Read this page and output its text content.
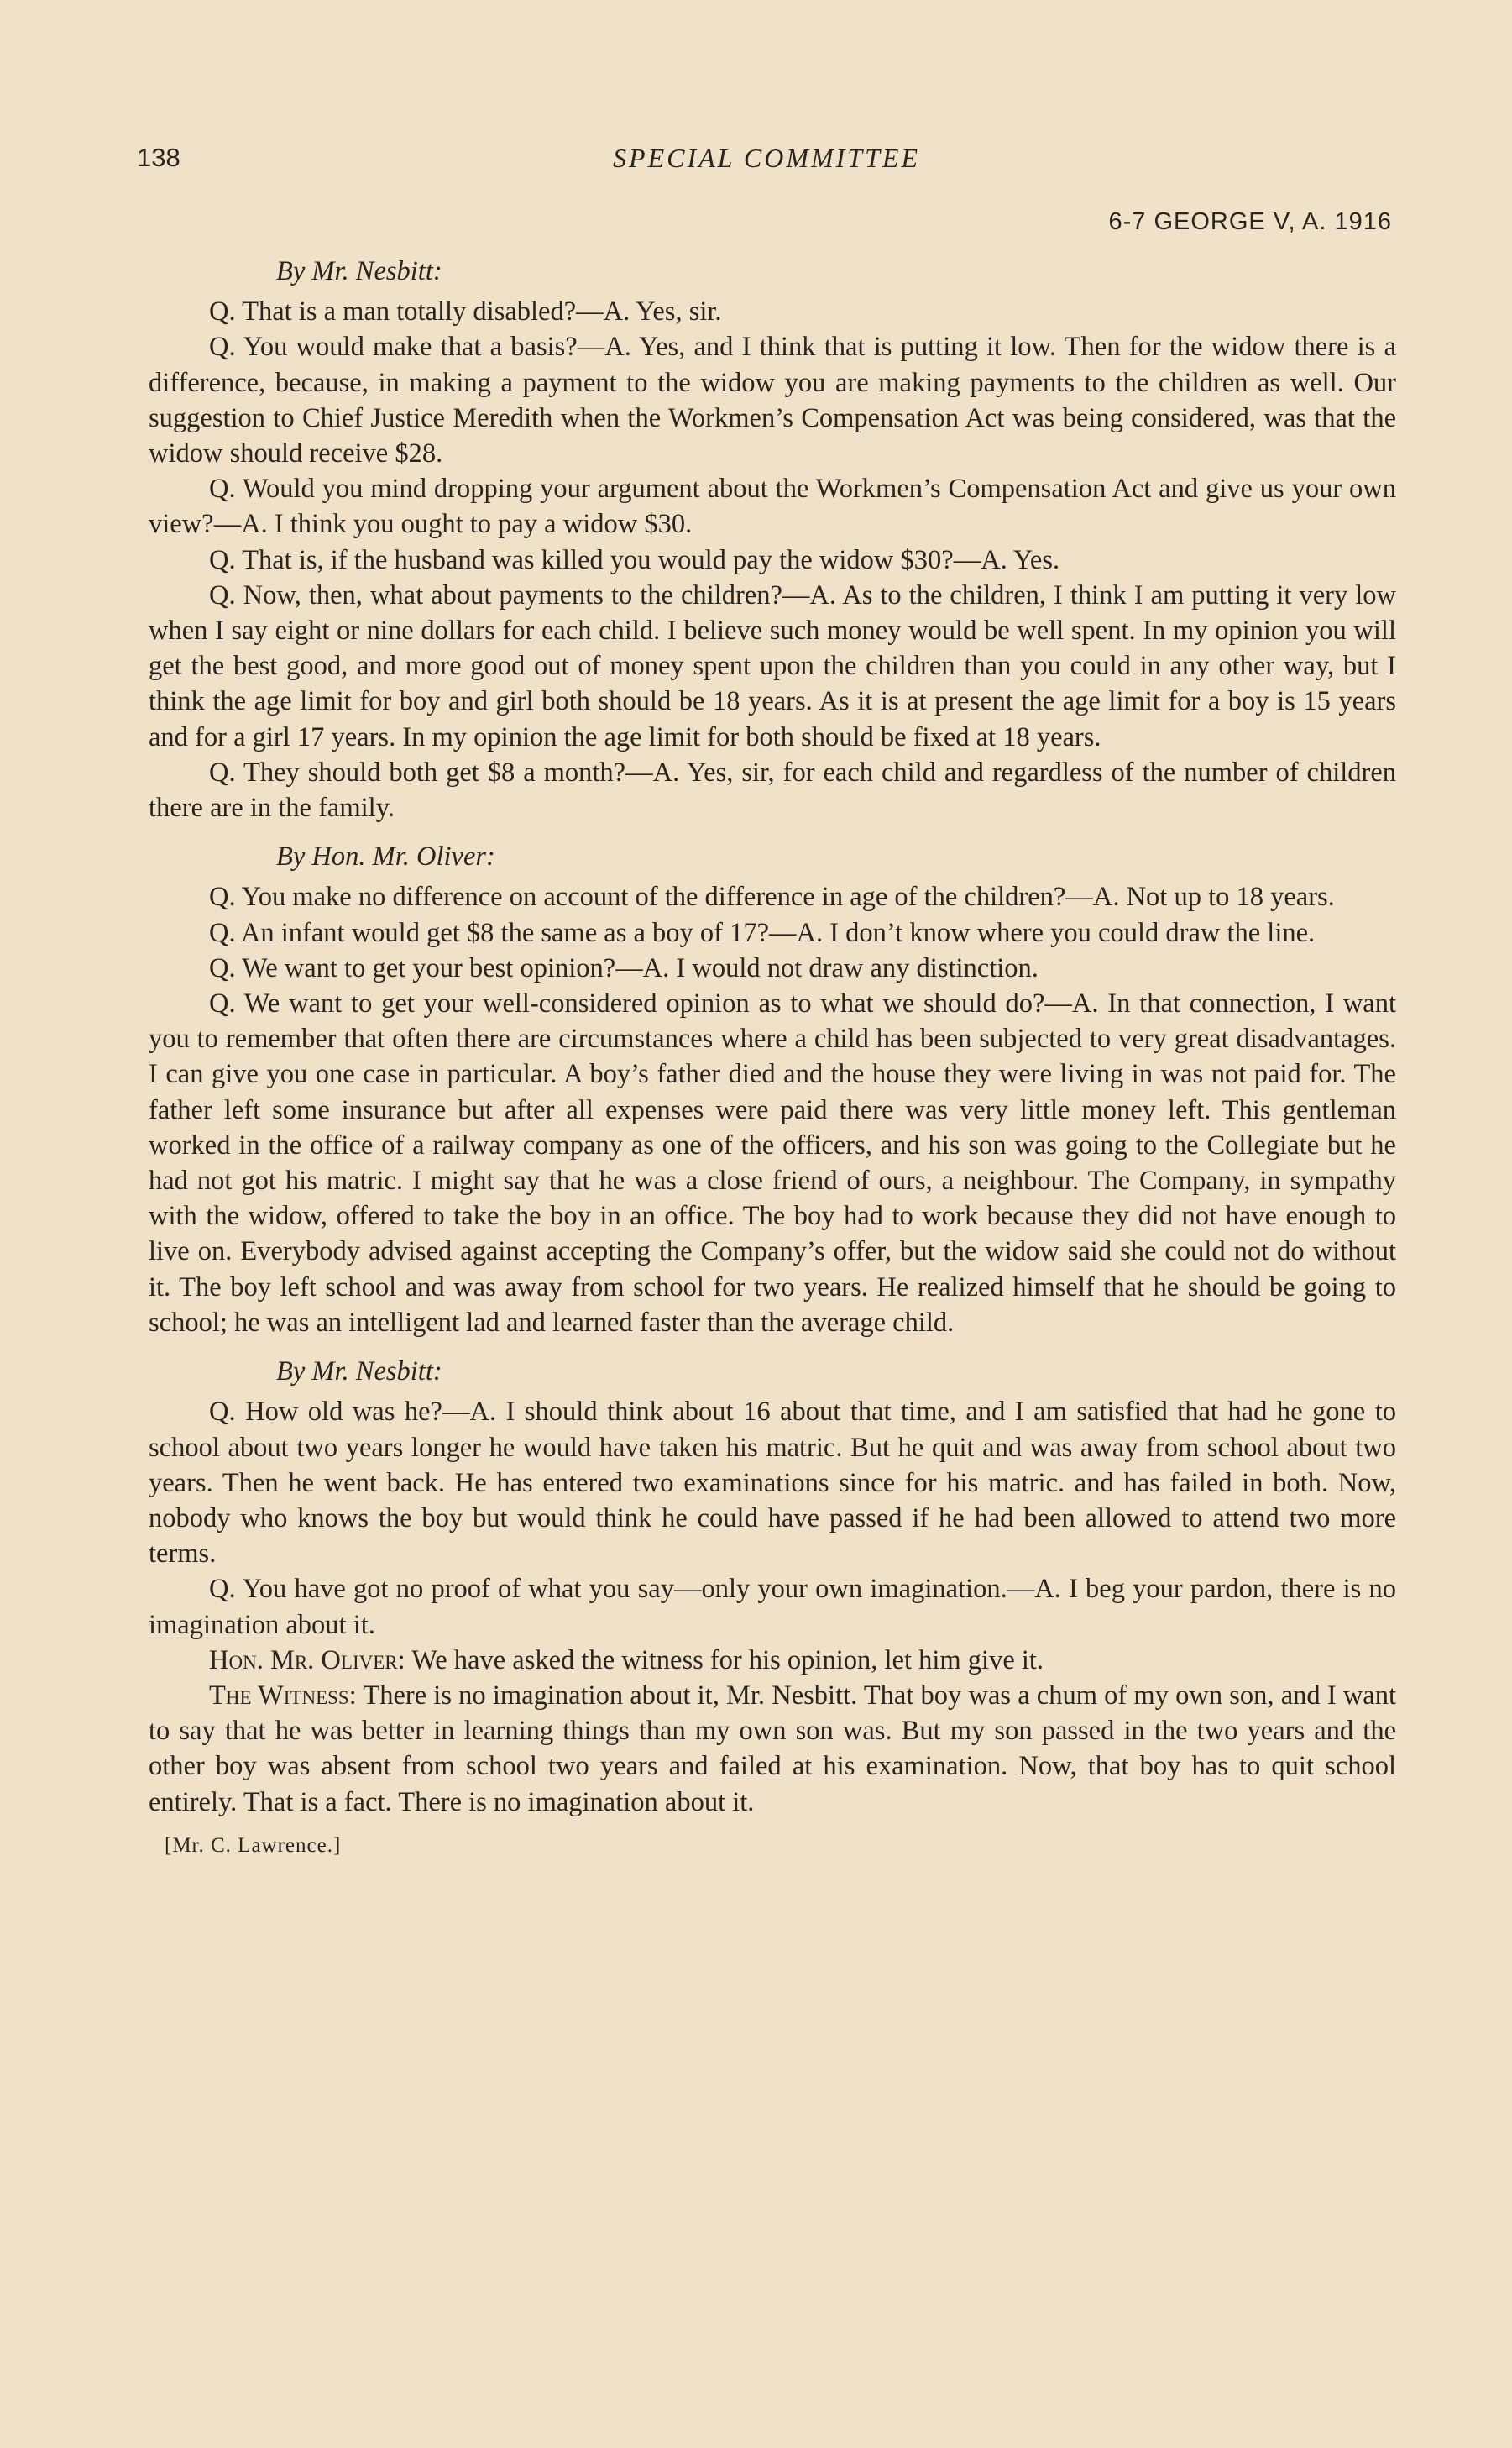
138	SPECIAL COMMITTEE
6-7 GEORGE V, A. 1916

By Mr. Nesbitt:

Q. That is a man totally disabled?—A. Yes, sir.

Q. You would make that a basis?—A. Yes, and I think that is putting it low. Then for the widow there is a difference, because, in making a payment to the widow you are making payments to the children as well. Our suggestion to Chief Justice Meredith when the Workmen’s Compensation Act was being considered, was that the widow should receive $28.

Q. Would you mind dropping your argument about the Workmen’s Compensation Act and give us your own view?—A. I think you ought to pay a widow $30.

Q. That is, if the husband was killed you would pay the widow $30?—A. Yes.

Q. Now, then, what about payments to the children?—A. As to the children, I think I am putting it very low when I say eight or nine dollars for each child. I believe such money would be well spent. In my opinion you will get the best good, and more good out of money spent upon the children than you could in any other way, but I think the age limit for boy and girl both should be 18 years. As it is at present the age limit for a boy is 15 years and for a girl 17 years. In my opinion the age limit for both should be fixed at 18 years.

Q. They should both get $8 a month?—A. Yes, sir, for each child and regardless of the number of children there are in the family.

By Hon. Mr. Oliver:

Q. You make no difference on account of the difference in age of the children?—A. Not up to 18 years.

Q. An infant would get $8 the same as a boy of 17?—A. I don’t know where you could draw the line.

Q. We want to get your best opinion?—A. I would not draw any distinction.

Q. We want to get your well-considered opinion as to what we should do?—A. In that connection, I want you to remember that often there are circumstances where a child has been subjected to very great disadvantages. I can give you one case in particular. A boy’s father died and the house they were living in was not paid for. The father left some insurance but after all expenses were paid there was very little money left. This gentleman worked in the office of a railway company as one of the officers, and his son was going to the Collegiate but he had not got his matric. I might say that he was a close friend of ours, a neighbour. The Company, in sympathy with the widow, offered to take the boy in an office. The boy had to work because they did not have enough to live on. Everybody advised against accepting the Company’s offer, but the widow said she could not do without it. The boy left school and was away from school for two years. He realized himself that he should be going to school; he was an intelligent lad and learned faster than the average child.

By Mr. Nesbitt:

Q. How old was he?—A. I should think about 16 about that time, and I am satisfied that had he gone to school about two years longer he would have taken his matric. But he quit and was away from school about two years. Then he went back. He has entered two examinations since for his matric. and has failed in both. Now, nobody who knows the boy but would think he could have passed if he had been allowed to attend two more terms.

Q. You have got no proof of what you say—only your own imagination.—A. I beg your pardon, there is no imagination about it.

Hon. Mr. Oliver: We have asked the witness for his opinion, let him give it.

The Witness: There is no imagination about it, Mr. Nesbitt. That boy was a chum of my own son, and I want to say that he was better in learning things than my own son was. But my son passed in the two years and the other boy was absent from school two years and failed at his examination. Now, that boy has to quit school entirely. That is a fact. There is no imagination about it.

[Mr. C. Lawrence.]
